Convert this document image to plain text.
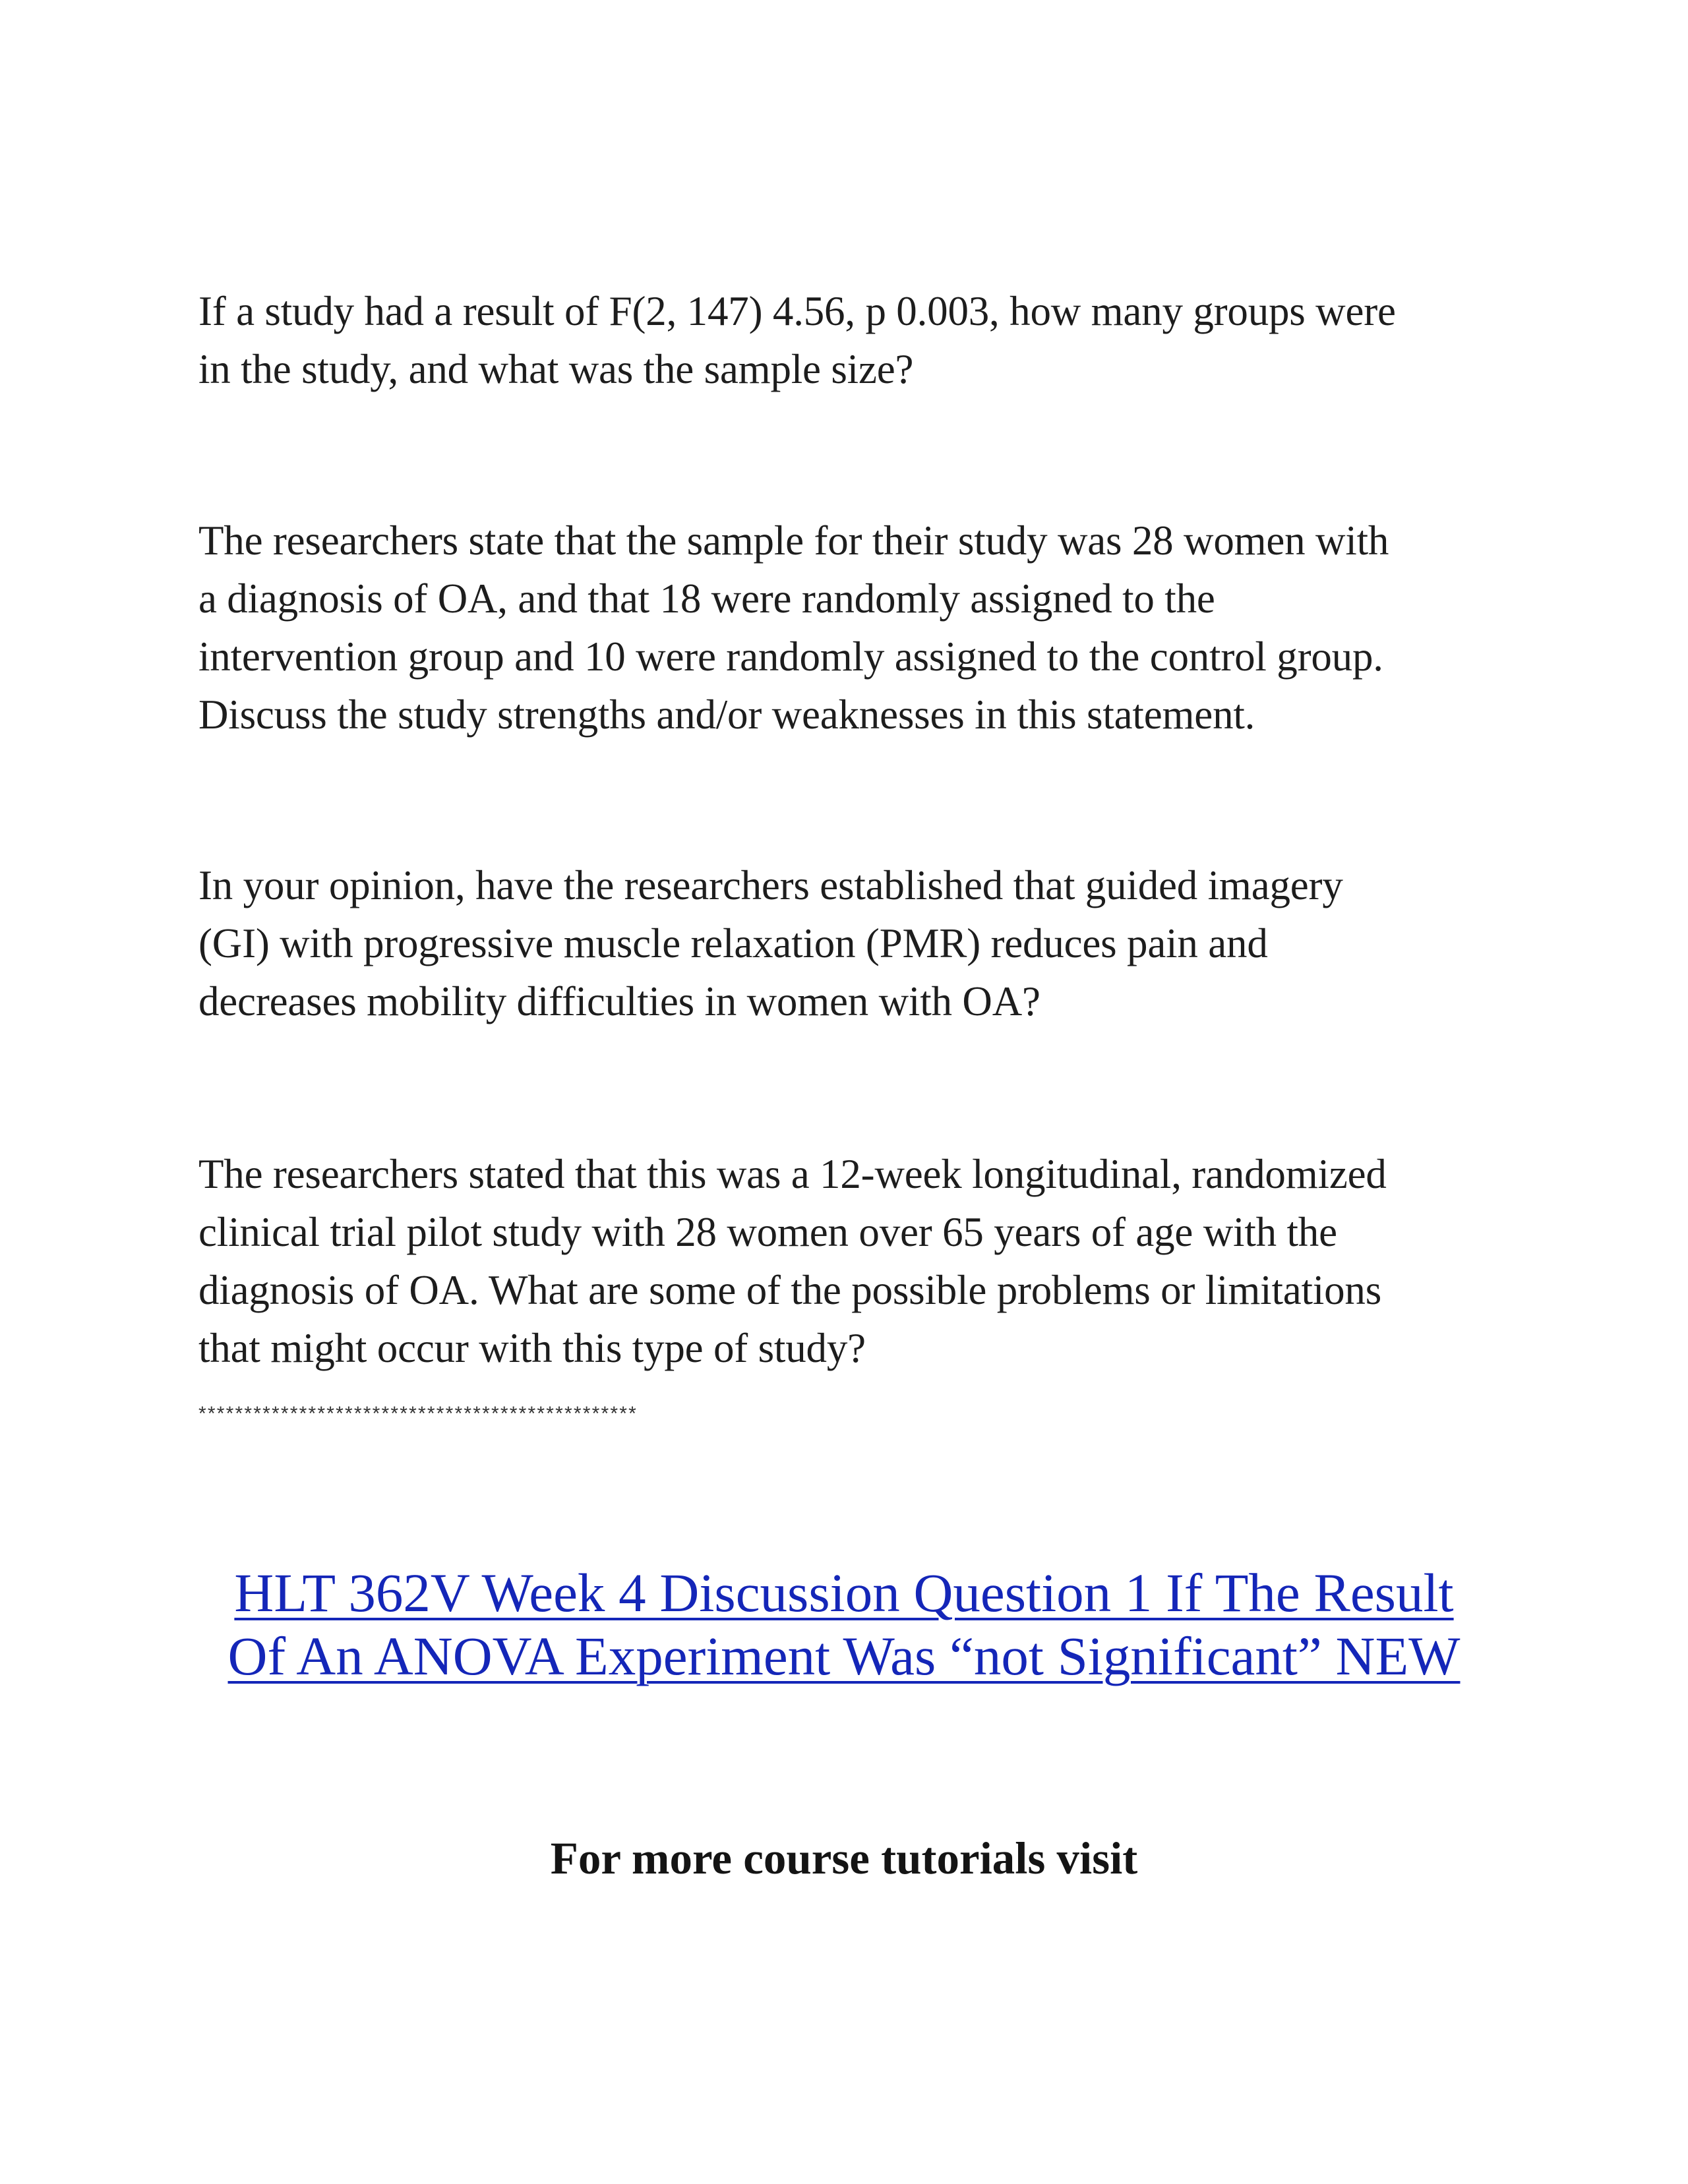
If a study had a result of F(2, 147) 4.56, p 0.003, how many groups were
in the study, and what was the sample size?

The researchers state that the sample for their study was 28 women with
a diagnosis of OA, and that 18 were randomly assigned to the
intervention group and 10 were randomly assigned to the control group.
Discuss the study strengths and/or weaknesses in this statement.

In your opinion, have the researchers established that guided imagery
(GI) with progressive muscle relaxation (PMR) reduces pain and
decreases mobility difficulties in women with OA?

The researchers stated that this was a 12-week longitudinal, randomized
clinical trial pilot study with 28 women over 65 years of age with the
diagnosis of OA. What are some of the possible problems or limitations
that might occur with this type of study?

************************************************

HLT 362V Week 4 Discussion Question 1 If The Result
Of An ANOVA Experiment Was “not Significant” NEW

For more course tutorials visit
